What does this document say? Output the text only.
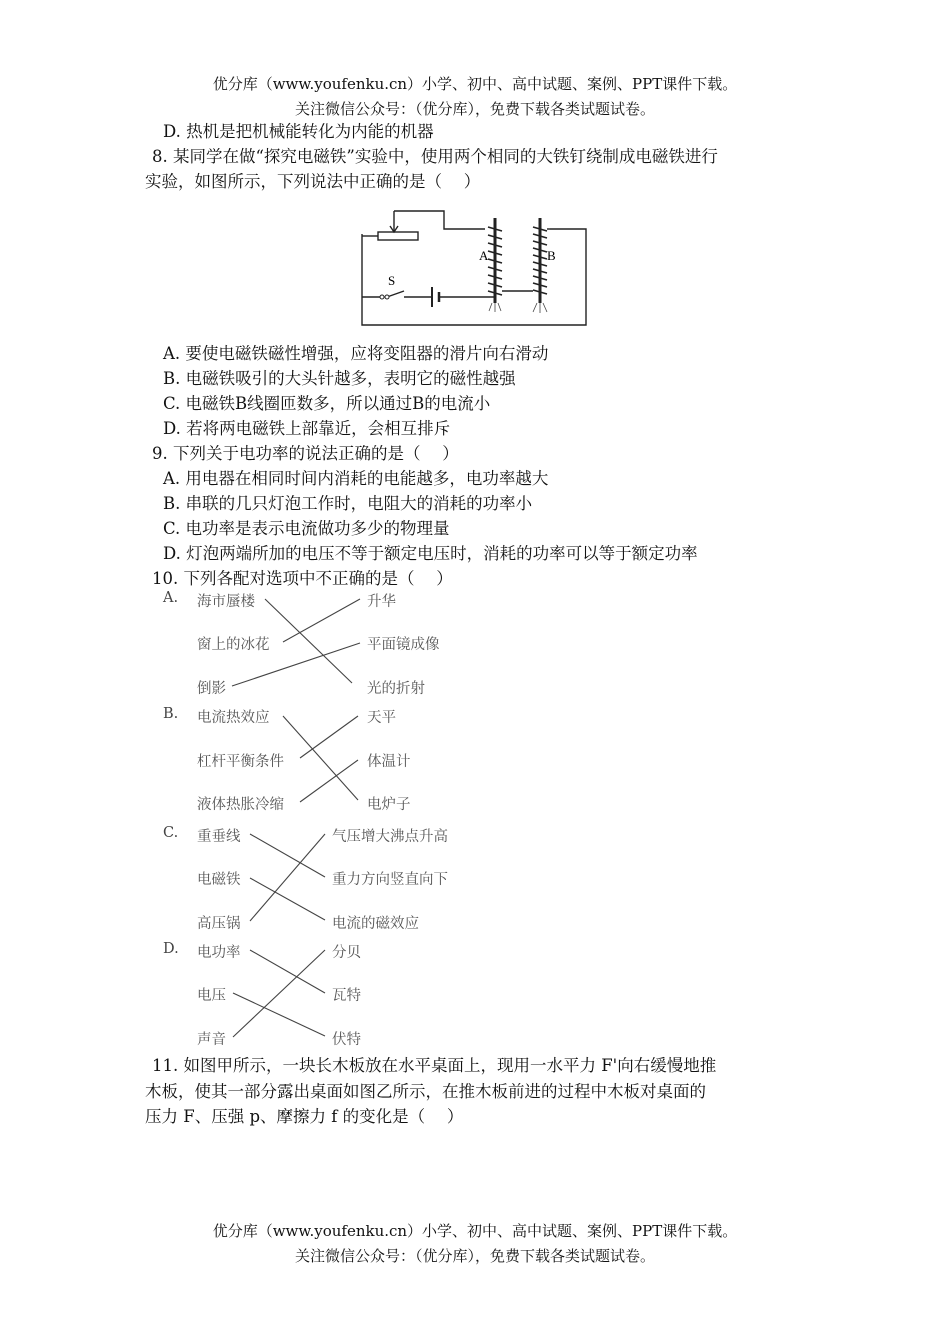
优分库（www.youfenku.cn）小学、初中、高中试题、案例、PPT课件下载。
关注微信公众号：（优分库），免费下载各类试题试卷。
D. 热机是把机械能转化为内能的机器
8. 某同学在做“探究电磁铁”实验中，使用两个相同的大铁钉绕制成电磁铁进行
实验，如图所示，下列说法中正确的是（　 ）
A	B
S
A. 要使电磁铁磁性增强，应将变阻器的滑片向右滑动
B. 电磁铁吸引的大头针越多，表明它的磁性越强
C. 电磁铁B线圈匝数多，所以通过B的电流小
D. 若将两电磁铁上部靠近，会相互排斥
9. 下列关于电功率的说法正确的是（　 ）
A. 用电器在相同时间内消耗的电能越多，电功率越大
B. 串联的几只灯泡工作时，电阻大的消耗的功率小
C. 电功率是表示电流做功多少的物理量
D. 灯泡两端所加的电压不等于额定电压时，消耗的功率可以等于额定功率
10. 下列各配对选项中不正确的是（　 ）
A. 海市蜃楼
窗上的冰花
倒影
升华
平面镜成像
光的折射
B. 电流热效应
杠杆平衡条件
液体热胀冷缩
天平
体温计
电炉子
C. 重垂线
电磁铁
高压锅
气压增大沸点升高
重力方向竖直向下
电流的磁效应
D. 电功率
电压
声音
分贝
瓦特
伏特
11. 如图甲所示，一块长木板放在水平桌面上，现用一水平力 F'向右缓慢地推
木板，使其一部分露出桌面如图乙所示，在推木板前进的过程中木板对桌面的
压力 F、压强 p、摩擦力 f 的变化是（　 ）
优分库（www.youfenku.cn）小学、初中、高中试题、案例、PPT课件下载。
关注微信公众号：（优分库），免费下载各类试题试卷。
